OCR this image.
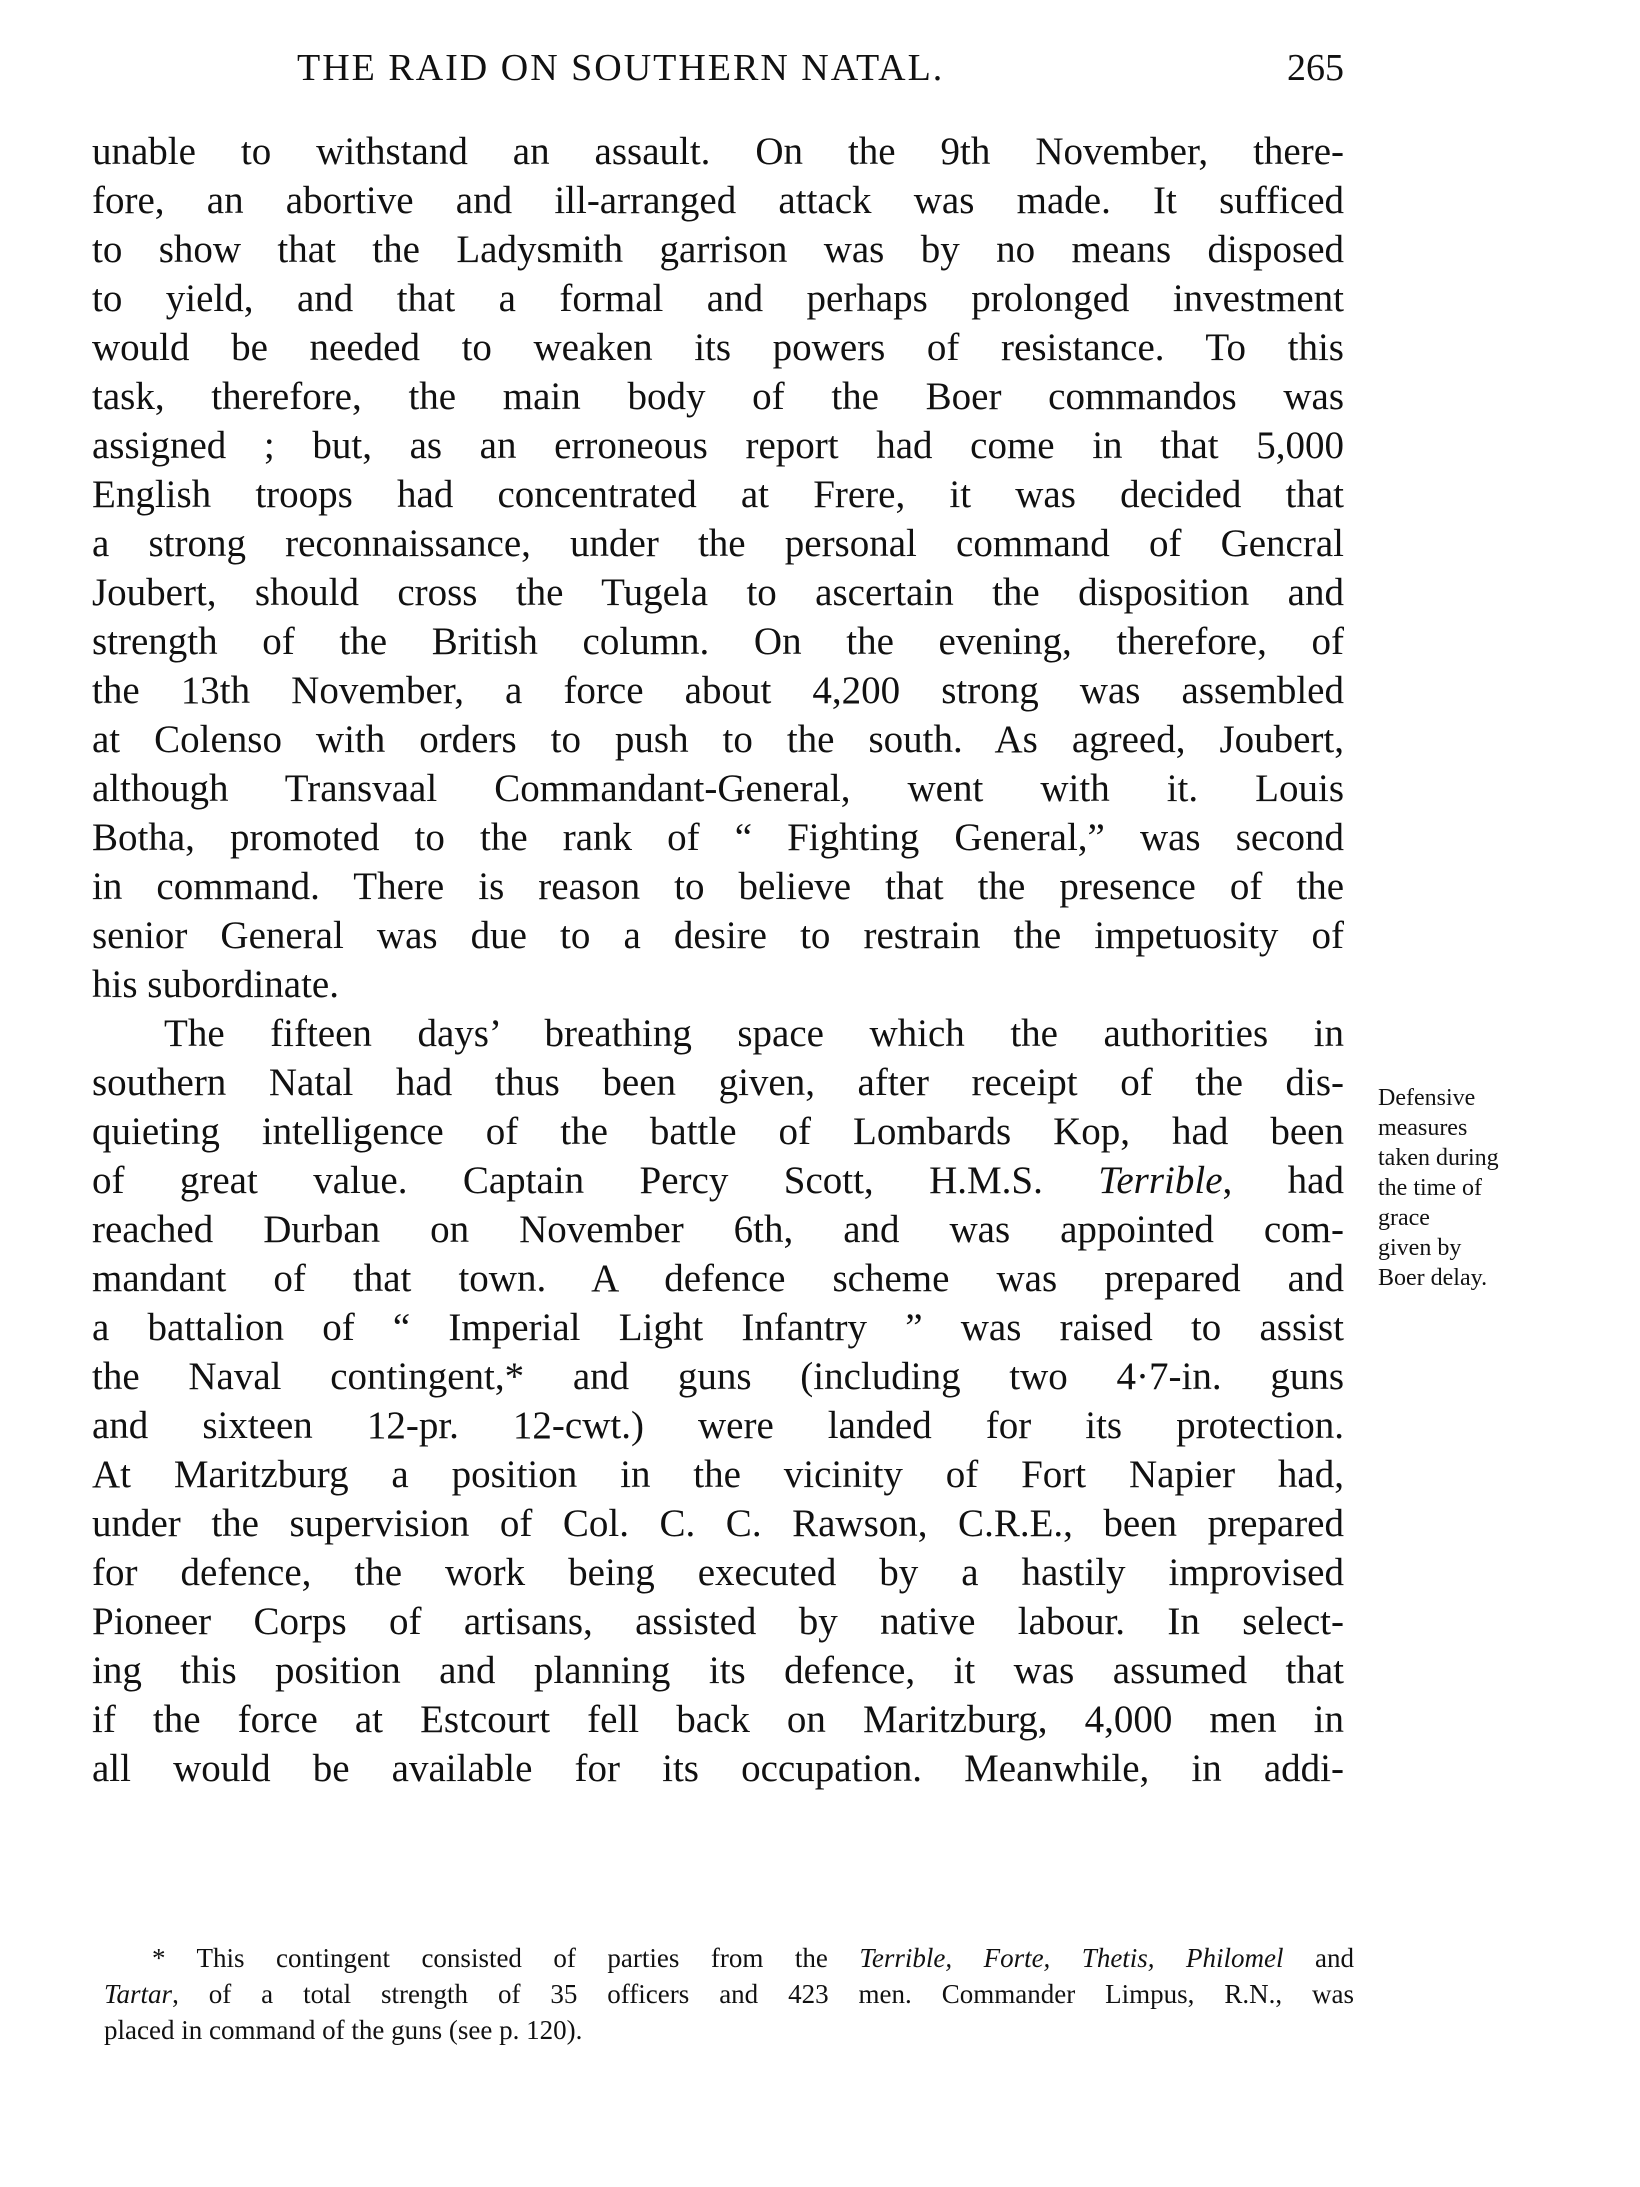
THE RAID ON SOUTHERN NATAL.	265
unable to withstand an assault. On the 9th November, there-
fore, an abortive and ill-arranged attack was made. It sufficed
to show that the Ladysmith garrison was by no means disposed
to yield, and that a formal and perhaps prolonged investment
would be needed to weaken its powers of resistance. To this
task, therefore, the main body of the Boer commandos was
assigned ; but, as an erroneous report had come in that 5,000
English troops had concentrated at Frere, it was decided that
a strong reconnaissance, under the personal command of Gencral
Joubert, should cross the Tugela to ascertain the disposition and
strength of the British column. On the evening, therefore, of
the 13th November, a force about 4,200 strong was assembled
at Colenso with orders to push to the south. As agreed, Joubert,
although Transvaal Commandant-General, went with it. Louis
Botha, promoted to the rank of “ Fighting General,” was second
in command. There is reason to believe that the presence of the
senior General was due to a desire to restrain the impetuosity of
his subordinate.
The fifteen days’ breathing space which the authorities in
southern Natal had thus been given, after receipt of the dis-
quieting intelligence of the battle of Lombards Kop, had been
of great value. Captain Percy Scott, H.M.S. Terrible, had
reached Durban on November 6th, and was appointed com-
mandant of that town. A defence scheme was prepared and
a battalion of “ Imperial Light Infantry ” was raised to assist
the Naval contingent,* and guns (including two 4·7-in. guns
and sixteen 12-pr. 12-cwt.) were landed for its protection.
At Maritzburg a position in the vicinity of Fort Napier had,
under the supervision of Col. C. C. Rawson, C.R.E., been prepared
for defence, the work being executed by a hastily improvised
Pioneer Corps of artisans, assisted by native labour. In select-
ing this position and planning its defence, it was assumed that
if the force at Estcourt fell back on Maritzburg, 4,000 men in
all would be available for its occupation. Meanwhile, in addi-
Defensive
measures
taken during
the time of
grace
given by
Boer delay.
* This contingent consisted of parties from the Terrible, Forte, Thetis, Philomel and
Tartar, of a total strength of 35 officers and 423 men. Commander Limpus, R.N., was
placed in command of the guns (see p. 120).
